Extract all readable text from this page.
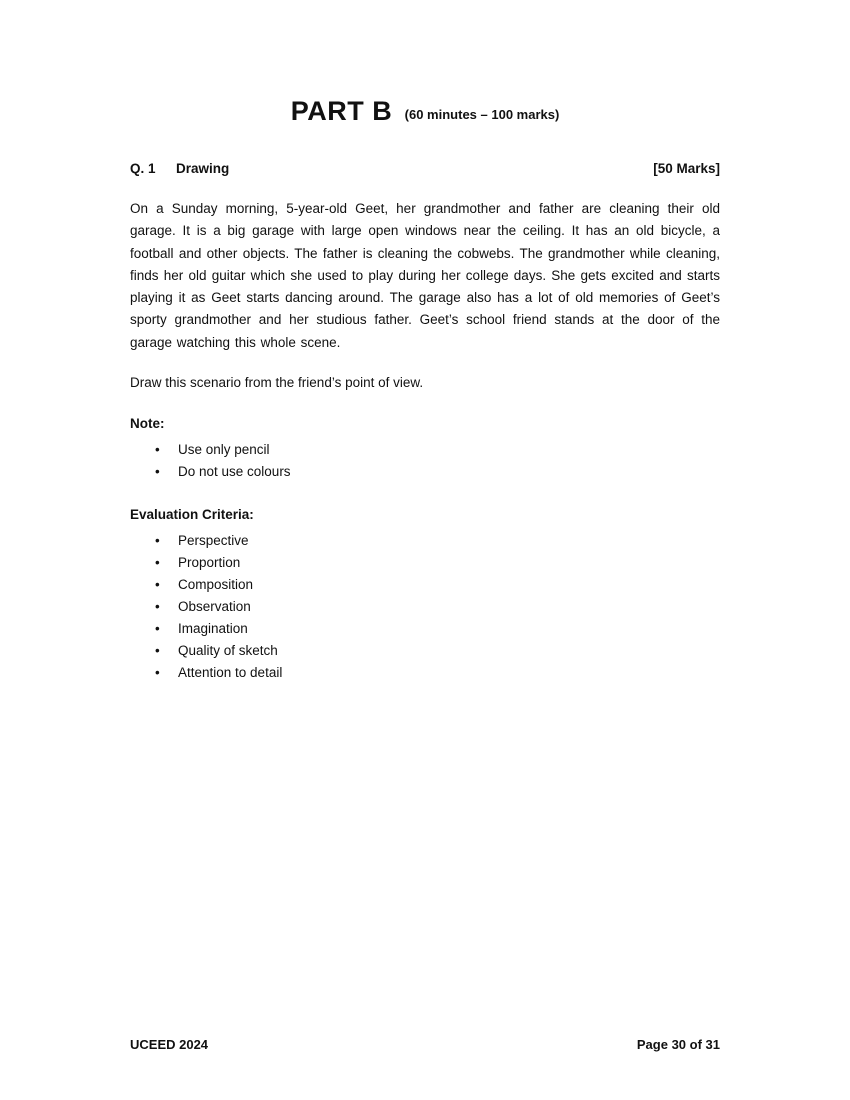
PART B (60 minutes – 100 marks)
Q. 1	Drawing	[50 Marks]

On a Sunday morning, 5-year-old Geet, her grandmother and father are cleaning their old garage. It is a big garage with large open windows near the ceiling. It has an old bicycle, a football and other objects. The father is cleaning the cobwebs. The grandmother while cleaning, finds her old guitar which she used to play during her college days. She gets excited and starts playing it as Geet starts dancing around. The garage also has a lot of old memories of Geet’s sporty grandmother and her studious father. Geet’s school friend stands at the door of the garage watching this whole scene.

Draw this scenario from the friend’s point of view.

Note:
•	Use only pencil
•	Do not use colours
Evaluation Criteria:
•	Perspective
•	Proportion
•	Composition
•	Observation
•	Imagination
•	Quality of sketch
•	Attention to detail
UCEED 2024	Page 30 of 31
